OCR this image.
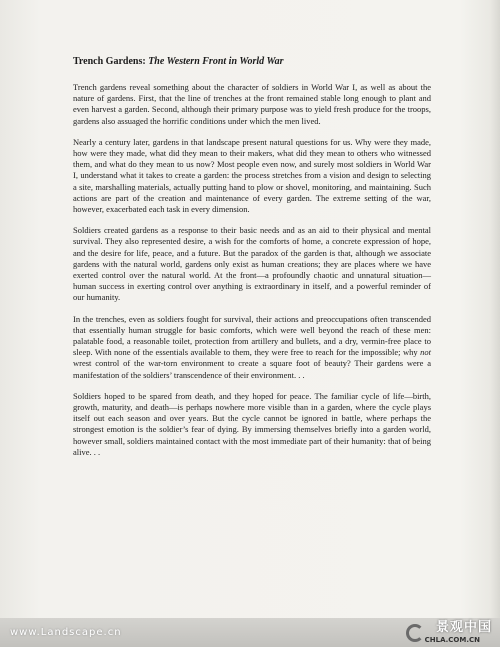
Trench Gardens: The Western Front in World War

Trench gardens reveal something about the character of soldiers in World War I, as well as about the nature of gardens. First, that the line of trenches at the front remained stable long enough to plant and even harvest a garden. Second, although their primary purpose was to yield fresh produce for the troops, gardens also assuaged the horrific conditions under which the men lived.

Nearly a century later, gardens in that landscape present natural questions for us. Why were they made, how were they made, what did they mean to their makers, what did they mean to others who witnessed them, and what do they mean to us now? Most people even now, and surely most soldiers in World War I, understand what it takes to create a garden: the process stretches from a vision and design to selecting a site, marshalling materials, actually putting hand to plow or shovel, monitoring, and maintaining. Such actions are part of the creation and maintenance of every garden. The extreme setting of the war, however, exacerbated each task in every dimension.

Soldiers created gardens as a response to their basic needs and as an aid to their physical and mental survival. They also represented desire, a wish for the comforts of home, a concrete expression of hope, and the desire for life, peace, and a future. But the paradox of the garden is that, although we associate gardens with the natural world, gardens only exist as human creations; they are places where we have exerted control over the natural world. At the front—a profoundly chaotic and unnatural situation—human success in exerting control over anything is extraordinary in itself, and a powerful reminder of our humanity.

In the trenches, even as soldiers fought for survival, their actions and preoccupations often transcended that essentially human struggle for basic comforts, which were well beyond the reach of these men: palatable food, a reasonable toilet, protection from artillery and bullets, and a dry, vermin-free place to sleep. With none of the essentials available to them, they were free to reach for the impossible; why not wrest control of the war-torn environment to create a square foot of beauty? Their gardens were a manifestation of the soldiers’ transcendence of their environment. . .

Soldiers hoped to be spared from death, and they hoped for peace. The familiar cycle of life—birth, growth, maturity, and death—is perhaps nowhere more visible than in a garden, where the cycle plays itself out each season and over years. But the cycle cannot be ignored in battle, where perhaps the strongest emotion is the soldier’s fear of dying. By immersing themselves briefly into a garden world, however small, soldiers maintained contact with the most immediate part of their humanity: that of being alive. . .

www.Landscape.cn	景观中国
CHLA.COM.CN
